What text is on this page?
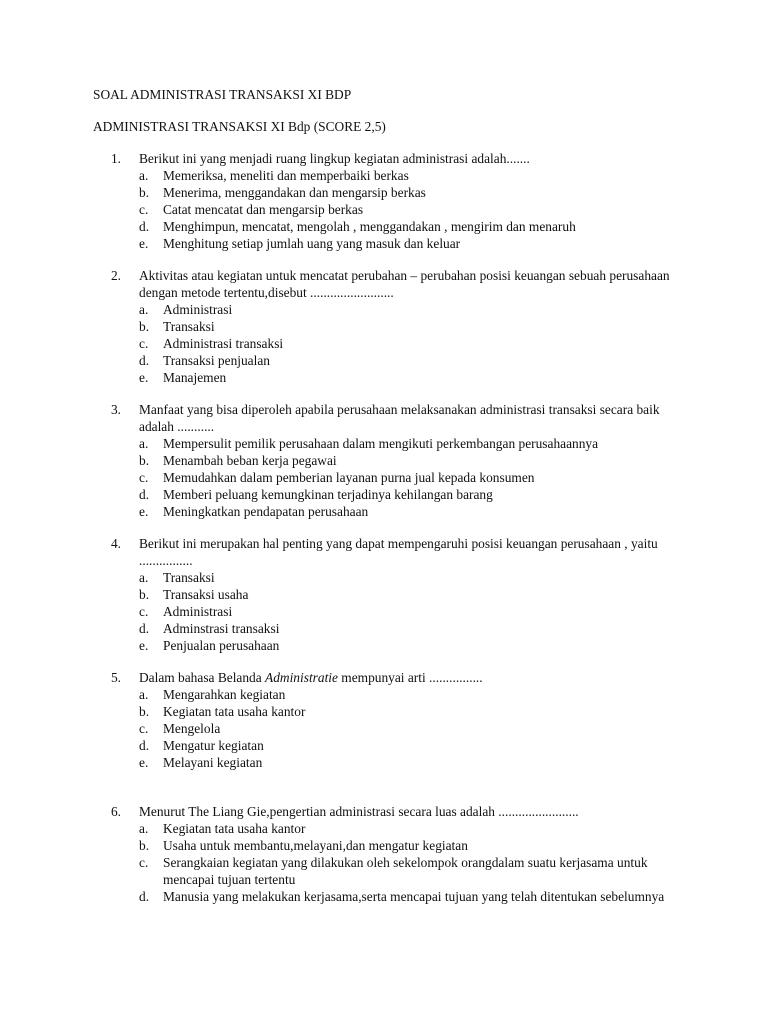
SOAL ADMINISTRASI TRANSAKSI XI BDP
ADMINISTRASI TRANSAKSI XI Bdp (SCORE 2,5)
1.	Berikut ini yang menjadi ruang lingkup kegiatan administrasi adalah.......
a.	Memeriksa, meneliti dan memperbaiki berkas
b.	Menerima, menggandakan dan mengarsip berkas
c.	Catat mencatat dan mengarsip berkas
d.	Menghimpun, mencatat, mengolah , menggandakan , mengirim dan menaruh
e.	Menghitung setiap jumlah uang yang masuk dan keluar
2.	Aktivitas atau kegiatan untuk mencatat perubahan – perubahan posisi keuangan sebuah perusahaan dengan metode tertentu,disebut .........................
a.	Administrasi
b.	Transaksi
c.	Administrasi transaksi
d.	Transaksi penjualan
e.	Manajemen
3.	Manfaat yang bisa diperoleh apabila perusahaan melaksanakan administrasi transaksi secara baik adalah ...........
a.	Mempersulit pemilik perusahaan dalam mengikuti perkembangan perusahaannya
b.	Menambah beban kerja pegawai
c.	Memudahkan dalam pemberian layanan purna jual kepada konsumen
d.	Memberi peluang kemungkinan terjadinya kehilangan barang
e.	Meningkatkan pendapatan perusahaan
4.	Berikut ini merupakan hal penting yang dapat mempengaruhi posisi keuangan perusahaan , yaitu ................
a.	Transaksi
b.	Transaksi usaha
c.	Administrasi
d.	Adminstrasi transaksi
e.	Penjualan perusahaan
5.	Dalam bahasa Belanda Administratie mempunyai arti ................
a.	Mengarahkan kegiatan
b.	Kegiatan tata usaha kantor
c.	Mengelola
d.	Mengatur kegiatan
e.	Melayani kegiatan
6.	Menurut The Liang Gie,pengertian administrasi secara luas adalah ........................
a.	Kegiatan tata usaha kantor
b.	Usaha untuk membantu,melayani,dan mengatur kegiatan
c.	Serangkaian kegiatan yang dilakukan oleh sekelompok orangdalam suatu kerjasama untuk mencapai tujuan tertentu
d.	Manusia yang melakukan kerjasama,serta mencapai tujuan yang telah ditentukan sebelumnya
